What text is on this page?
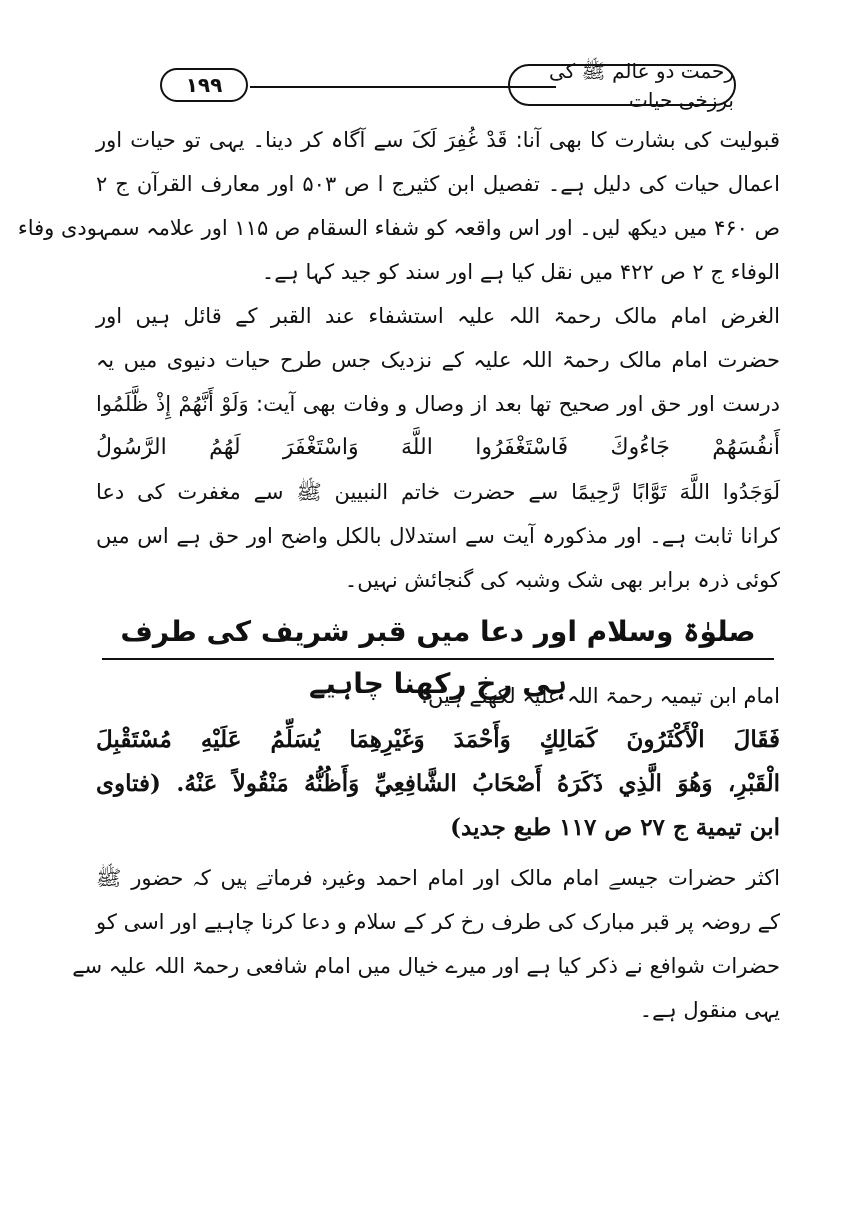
١٩٩
رحمت دو عالم ﷺ کی برزخی حیات
قبولیت کی بشارت کا بھی آنا: قَدْ غُفِرَ لَکَ سے آگاہ کر دینا۔ یہی تو حیات اور
اعمال حیات کی دلیل ہے۔ تفصیل ابن کثیرج ا ص ۵۰۳ اور معارف القرآن ج ۲
ص ۴۶۰ میں دیکھ لیں۔ اور اس واقعہ کو شفاء السقام ص ۱۱۵ اور علامہ سمہودی وفاء
الوفاء ج ۲ ص ۴۲۲ میں نقل کیا ہے اور سند کو جید کہا ہے۔
الغرض امام مالک رحمۃ اللہ علیہ استشفاء عند القبر کے قائل ہیں اور
حضرت امام مالک رحمۃ اللہ علیہ کے نزدیک جس طرح حیات دنیوی میں یہ
درست اور حق اور صحیح تھا بعد از وصال و وفات بھی آیت: وَلَوْ أَنَّهُمْ إِذْ ظَّلَمُوا
أَنفُسَهُمْ جَاءُوكَ فَاسْتَغْفَرُوا اللَّهَ وَاسْتَغْفَرَ لَهُمُ الرَّسُولُ
لَوَجَدُوا اللَّهَ تَوَّابًا رَّحِيمًا سے حضرت خاتم النبیین ﷺ سے مغفرت کی دعا
کرانا ثابت ہے۔ اور مذکورہ آیت سے استدلال بالکل واضح اور حق ہے اس میں
کوئی ذرہ برابر بھی شک وشبہ کی گنجائش نہیں۔
صلوٰۃ وسلام اور دعا میں قبر شریف کی طرف ہی رخ رکھنا چاہیے
امام ابن تیمیہ رحمۃ اللہ علیہ لکھتے ہیں:
فَقَالَ الْأَكْثَرُونَ كَمَالِكٍ وَأَحْمَدَ وَغَيْرِهِمَا يُسَلِّمُ عَلَيْهِ مُسْتَقْبِلَ
الْقَبْرِ، وَهُوَ الَّذِي ذَكَرَهُ أَصْحَابُ الشَّافِعِيِّ وَأَظُنُّهُ مَنْقُولاً عَنْهُ. (فتاوی
ابن تیمیة ج ۲۷ ص ۱۱۷ طبع جدید)
اکثر حضرات جیسے امام مالک اور امام احمد وغیرہ فرماتے ہیں کہ حضور ﷺ
کے روضہ پر قبر مبارک کی طرف رخ کر کے سلام و دعا کرنا چاہیے اور اسی کو
حضرات شوافع نے ذکر کیا ہے اور میرے خیال میں امام شافعی رحمۃ اللہ علیہ سے
یہی منقول ہے۔
